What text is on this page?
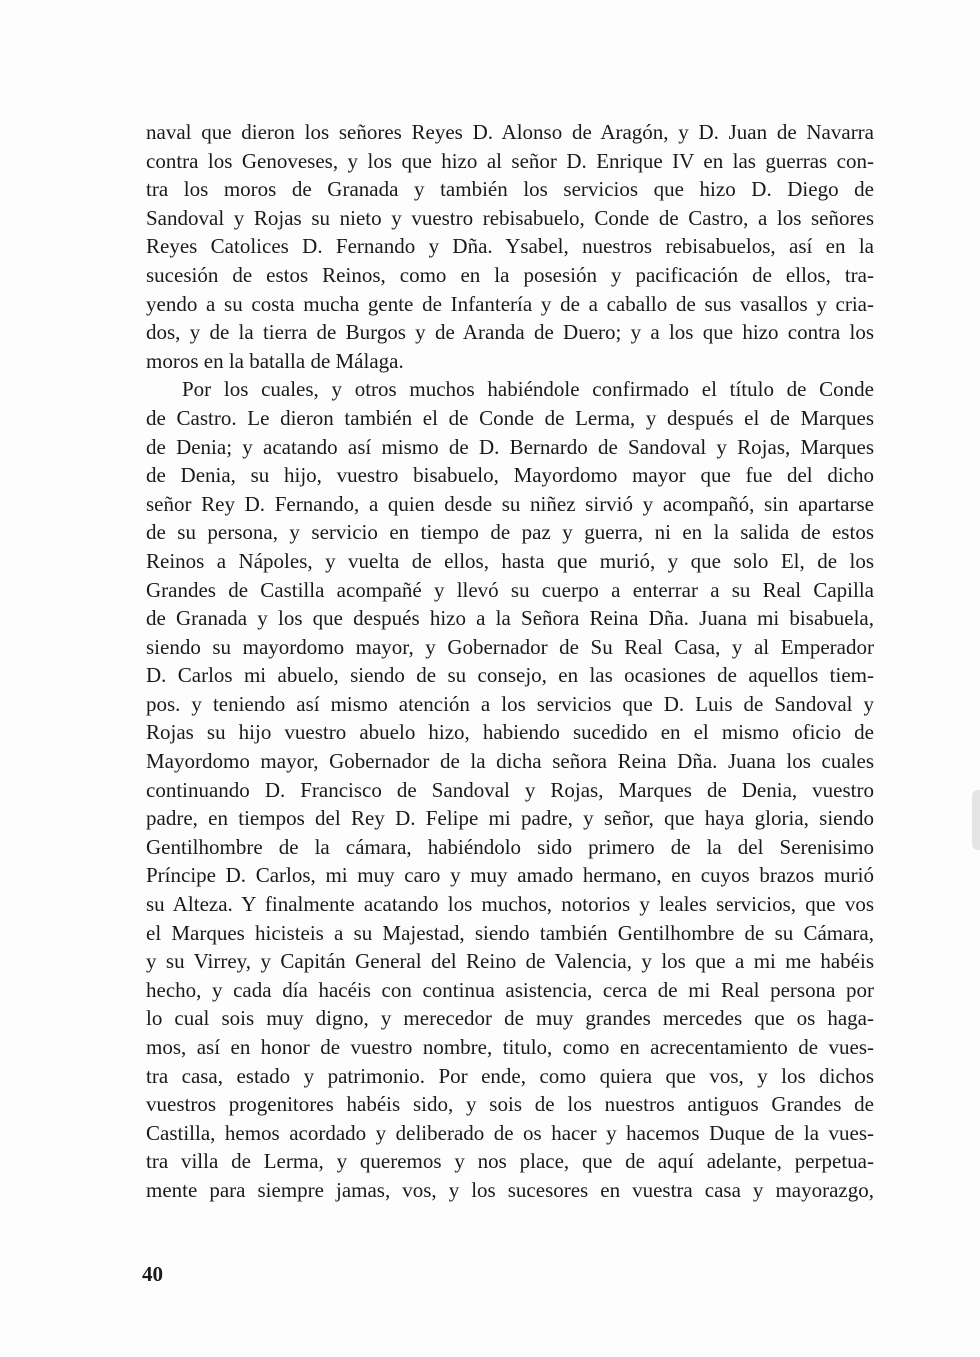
naval que dieron los señores Reyes D. Alonso de Aragón, y D. Juan de Navarra
contra los Genoveses, y los que hizo al señor D. Enrique IV en las guerras con-
tra los moros de Granada y también los servicios que hizo D. Diego de
Sandoval y Rojas su nieto y vuestro rebisabuelo, Conde de Castro, a los señores
Reyes Catolices D. Fernando y Dña. Ysabel, nuestros rebisabuelos, así en la
sucesión de estos Reinos, como en la posesión y pacificación de ellos, tra-
yendo a su costa mucha gente de Infantería y de a caballo de sus vasallos y cria-
dos, y de la tierra de Burgos y de Aranda de Duero; y a los que hizo contra los
moros en la batalla de Málaga.
Por los cuales, y otros muchos habiéndole confirmado el título de Conde
de Castro. Le dieron también el de Conde de Lerma, y después el de Marques
de Denia; y acatando así mismo de D. Bernardo de Sandoval y Rojas, Marques
de Denia, su hijo, vuestro bisabuelo, Mayordomo mayor que fue del dicho
señor Rey D. Fernando, a quien desde su niñez sirvió y acompañó, sin apartarse
de su persona, y servicio en tiempo de paz y guerra, ni en la salida de estos
Reinos a Nápoles, y vuelta de ellos, hasta que murió, y que solo El, de los
Grandes de Castilla acompañé y llevó su cuerpo a enterrar a su Real Capilla
de Granada y los que después hizo a la Señora Reina Dña. Juana mi bisabuela,
siendo su mayordomo mayor, y Gobernador de Su Real Casa, y al Emperador
D. Carlos mi abuelo, siendo de su consejo, en las ocasiones de aquellos tiem-
pos. y teniendo así mismo atención a los servicios que D. Luis de Sandoval y
Rojas su hijo vuestro abuelo hizo, habiendo sucedido en el mismo oficio de
Mayordomo mayor, Gobernador de la dicha señora Reina Dña. Juana los cuales
continuando D. Francisco de Sandoval y Rojas, Marques de Denia, vuestro
padre, en tiempos del Rey D. Felipe mi padre, y señor, que haya gloria, siendo
Gentilhombre de la cámara, habiéndolo sido primero de la del Serenisimo
Príncipe D. Carlos, mi muy caro y muy amado hermano, en cuyos brazos murió
su Alteza. Y finalmente acatando los muchos, notorios y leales servicios, que vos
el Marques hicisteis a su Majestad, siendo también Gentilhombre de su Cámara,
y su Virrey, y Capitán General del Reino de Valencia, y los que a mi me habéis
hecho, y cada día hacéis con continua asistencia, cerca de mi Real persona por
lo cual sois muy digno, y merecedor de muy grandes mercedes que os haga-
mos, así en honor de vuestro nombre, titulo, como en acrecentamiento de vues-
tra casa, estado y patrimonio. Por ende, como quiera que vos, y los dichos
vuestros progenitores habéis sido, y sois de los nuestros antiguos Grandes de
Castilla, hemos acordado y deliberado de os hacer y hacemos Duque de la vues-
tra villa de Lerma, y queremos y nos place, que de aquí adelante, perpetua-
mente para siempre jamas, vos, y los sucesores en vuestra casa y mayorazgo,
40
